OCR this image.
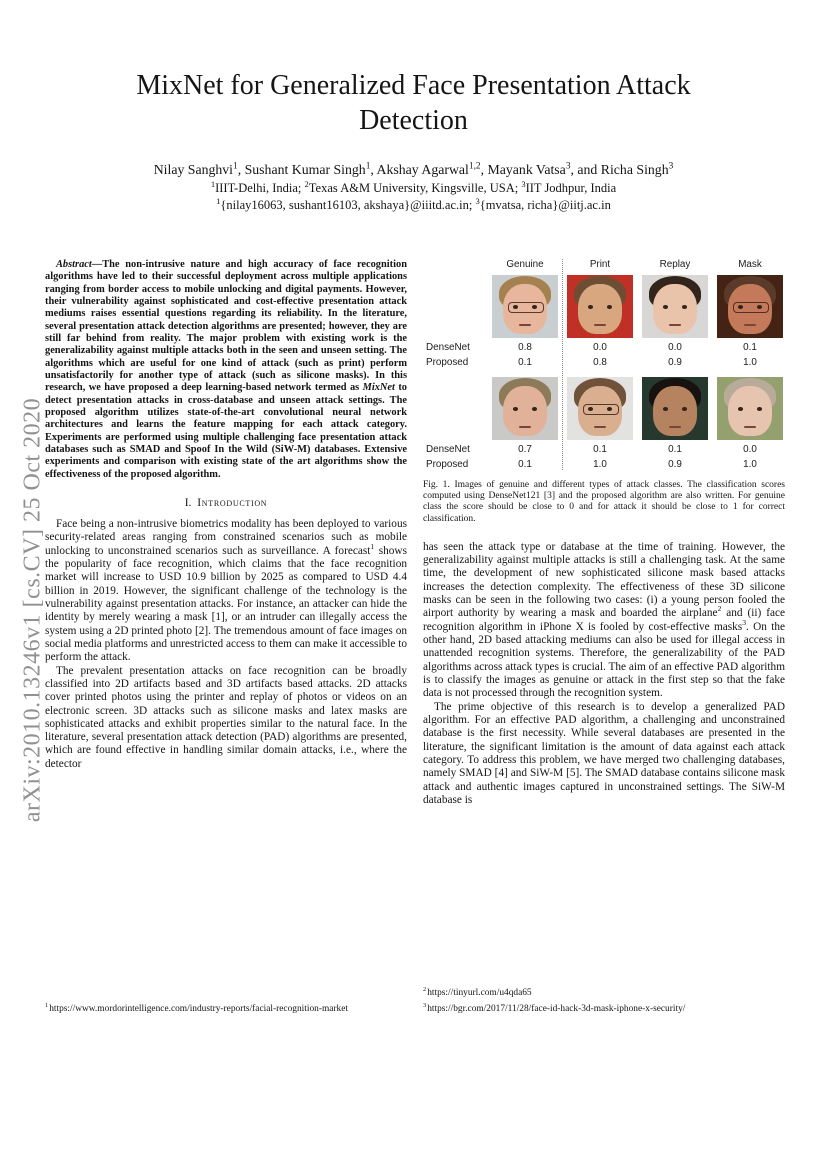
arXiv:2010.13246v1 [cs.CV] 25 Oct 2020
MixNet for Generalized Face Presentation Attack Detection
Nilay Sanghvi$^1$, Sushant Kumar Singh$^1$, Akshay Agarwal$^{1,2}$, Mayank Vatsa$^3$, and Richa Singh$^3$
$^1$IIIT-Delhi, India; $^2$Texas A&M University, Kingsville, USA; $^3$IIT Jodhpur, India
$^1${nilay16063, sushant16103, akshaya}@iiitd.ac.in; $^3${mvatsa, richa}@iitj.ac.in

Abstract—The non-intrusive nature and high accuracy of face recognition algorithms have led to their successful deployment across multiple applications ranging from border access to mobile unlocking and digital payments. However, their vulnerability against sophisticated and cost-effective presentation attack mediums raises essential questions regarding its reliability. In the literature, several presentation attack detection algorithms are presented; however, they are still far behind from reality. The major problem with existing work is the generalizability against multiple attacks both in the seen and unseen setting. The algorithms which are useful for one kind of attack (such as print) perform unsatisfactorily for another type of attack (such as silicone masks). In this research, we have proposed a deep learning-based network termed as MixNet to detect presentation attacks in cross-database and unseen attack settings. The proposed algorithm utilizes state-of-the-art convolutional neural network architectures and learns the feature mapping for each attack category. Experiments are performed using multiple challenging face presentation attack databases such as SMAD and Spoof In the Wild (SiW-M) databases. Extensive experiments and comparison with existing state of the art algorithms show the effectiveness of the proposed algorithm.

I. Introduction

Face being a non-intrusive biometrics modality has been deployed to various security-related areas ranging from constrained scenarios such as mobile unlocking to unconstrained scenarios such as surveillance. A forecast$^1$ shows the popularity of face recognition, which claims that the face recognition market will increase to USD 10.9 billion by 2025 as compared to USD 4.4 billion in 2019. However, the significant challenge of the technology is the vulnerability against presentation attacks. For instance, an attacker can hide the identity by merely wearing a mask [1], or an intruder can illegally access the system using a 2D printed photo [2]. The tremendous amount of face images on social media platforms and unrestricted access to them can make it accessible to perform the attack.

The prevalent presentation attacks on face recognition can be broadly classified into 2D artifacts based and 3D artifacts based attacks. 2D attacks cover printed photos using the printer and replay of photos or videos on an electronic screen. 3D attacks such as silicone masks and latex masks are sophisticated attacks and exhibit properties similar to the natural face. In the literature, several presentation attack detection (PAD) algorithms are presented, which are found effective in handling similar domain attacks, i.e., where the detector

$^1$https://www.mordorintelligence.com/industry-reports/facial-recognition-market
Genuine	Print	Replay	Mask
DenseNet	0.8	0.0	0.0	0.1
Proposed	0.1	0.8	0.9	1.0
DenseNet	0.7	0.1	0.1	0.0
Proposed	0.1	1.0	0.9	1.0
Fig. 1. Images of genuine and different types of attack classes. The classification scores computed using DenseNet121 [3] and the proposed algorithm are also written. For genuine class the score should be close to 0 and for attack it should be close to 1 for correct classification.

has seen the attack type or database at the time of training. However, the generalizability against multiple attacks is still a challenging task. At the same time, the development of new sophisticated silicone mask based attacks increases the detection complexity. The effectiveness of these 3D silicone masks can be seen in the following two cases: (i) a young person fooled the airport authority by wearing a mask and boarded the airplane$^2$ and (ii) face recognition algorithm in iPhone X is fooled by cost-effective masks$^3$. On the other hand, 2D based attacking mediums can also be used for illegal access in unattended recognition systems. Therefore, the generalizability of the PAD algorithms across attack types is crucial. The aim of an effective PAD algorithm is to classify the images as genuine or attack in the first step so that the fake data is not processed through the recognition system.

The prime objective of this research is to develop a generalized PAD algorithm. For an effective PAD algorithm, a challenging and unconstrained database is the first necessity. While several databases are presented in the literature, the significant limitation is the amount of data against each attack category. To address this problem, we have merged two challenging databases, namely SMAD [4] and SiW-M [5]. The SMAD database contains silicone mask attack and authentic images captured in unconstrained settings. The SiW-M database is

$^2$https://tinyurl.com/u4qda65
$^3$https://bgr.com/2017/11/28/face-id-hack-3d-mask-iphone-x-security/
